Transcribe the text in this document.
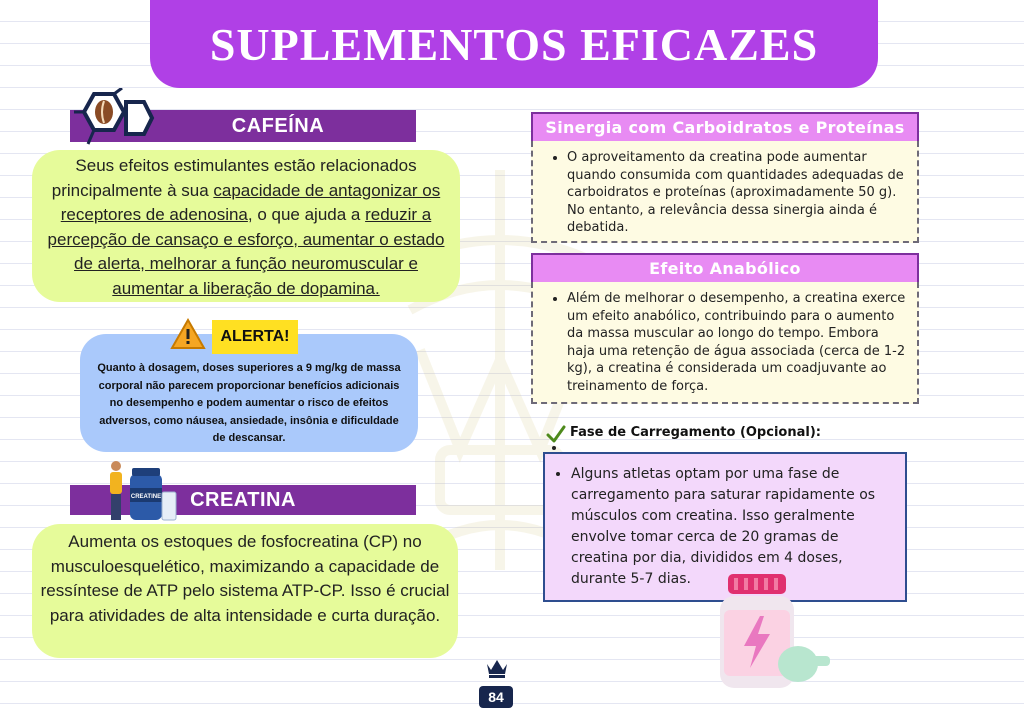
SUPLEMENTOS EFICAZES
CAFEÍNA
Seus efeitos estimulantes estão relacionados principalmente à sua capacidade de antagonizar os receptores de adenosina, o que ajuda a reduzir a percepção de cansaço e esforço, aumentar o estado de alerta, melhorar a função neuromuscular e aumentar a liberação de dopamina.
Quanto à dosagem, doses superiores a 9 mg/kg de massa corporal não parecem proporcionar benefícios adicionais no desempenho e podem aumentar o risco de efeitos adversos, como náusea, ansiedade, insônia e dificuldade de descansar.
ALERTA!
CREATINA
CREATINE
Aumenta os estoques de fosfocreatina (CP) no musculoesquelético, maximizando a capacidade de ressíntese de ATP pelo sistema ATP-CP. Isso é crucial para atividades de alta intensidade e curta duração.
Sinergia com Carboidratos e Proteínas
• O aproveitamento da creatina pode aumentar quando consumida com quantidades adequadas de carboidratos e proteínas (aproximadamente 50 g). No entanto, a relevância dessa sinergia ainda é debatida.
Efeito Anabólico
• Além de melhorar o desempenho, a creatina exerce um efeito anabólico, contribuindo para o aumento da massa muscular ao longo do tempo. Embora haja uma retenção de água associada (cerca de 1-2 kg), a creatina é considerada um coadjuvante ao treinamento de força.
Fase de Carregamento (Opcional):
• Alguns atletas optam por uma fase de carregamento para saturar rapidamente os músculos com creatina. Isso geralmente envolve tomar cerca de 20 gramas de creatina por dia, divididos em 4 doses, durante 5-7 dias.
84
